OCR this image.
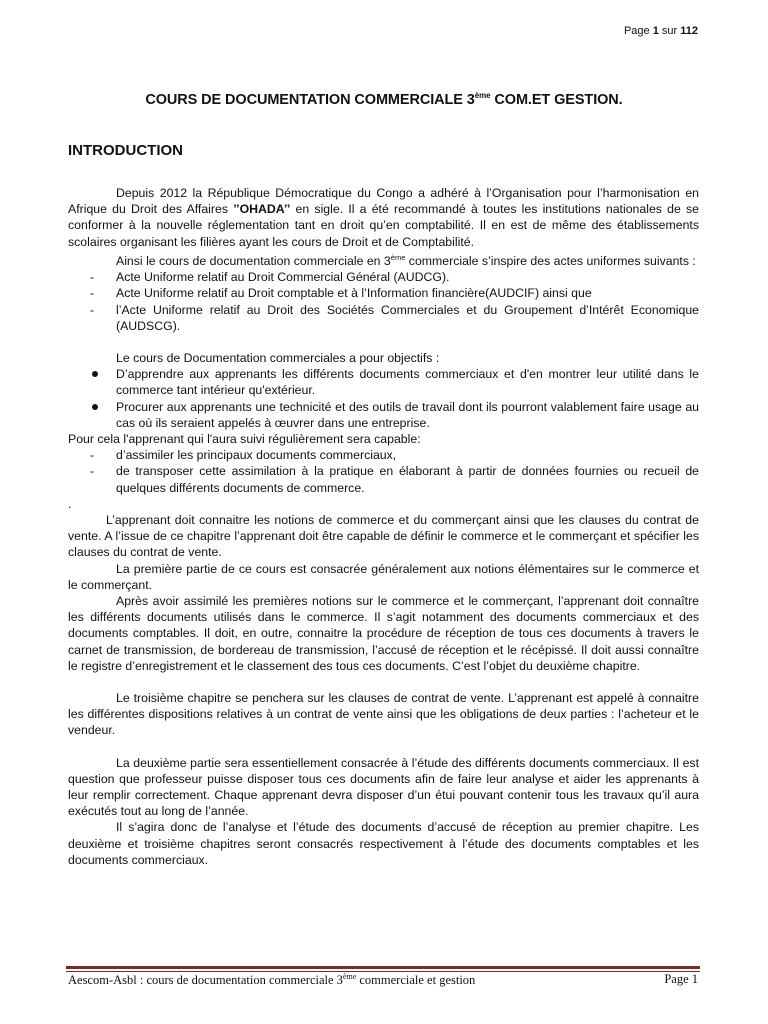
Page 1 sur 112
COURS DE DOCUMENTATION COMMERCIALE 3ème COM.ET GESTION.
INTRODUCTION

Depuis 2012 la République Démocratique du Congo a adhéré à l’Organisation pour l’harmonisation en Afrique du Droit des Affaires ’’OHADA’’ en sigle. Il a été recommandé à toutes les institutions nationales de se conformer à la nouvelle réglementation tant en droit qu’en comptabilité. Il en est de même des établissements scolaires organisant les filières ayant les cours de Droit et de Comptabilité.

Ainsi le cours de documentation commerciale en 3ème commerciale s’inspire des actes uniformes suivants :

- Acte Uniforme relatif au Droit Commercial Général (AUDCG).

- Acte Uniforme relatif au Droit comptable et à l’Information financière(AUDCIF) ainsi que

- l’Acte Uniforme relatif au Droit des Sociétés Commerciales et du Groupement d’Intérêt Economique (AUDSCG).

Le cours de Documentation commerciales a pour objectifs :

D’apprendre aux apprenants les différents documents commerciaux et d'en montrer leur utilité dans le commerce tant intérieur qu'extérieur.

Procurer aux apprenants une technicité et des outils de travail dont ils pourront valablement faire usage au cas où ils seraient appelés à œuvrer dans une entreprise.

Pour cela l'apprenant qui l'aura suivi régulièrement sera capable:

- d’assimiler les principaux documents commerciaux,

- de transposer cette assimilation à la pratique en élaborant à partir de données fournies ou recueil de quelques différents documents de commerce.

.

L’apprenant doit connaitre les notions de commerce et du commerçant ainsi que les clauses du contrat de vente. A l’issue de ce chapitre l’apprenant doit être capable de définir le commerce et le commerçant et spécifier les clauses du contrat de vente.

La première partie de ce cours est consacrée généralement aux notions élémentaires sur le commerce et le commerçant.

Après avoir assimilé les premières notions sur le commerce et le commerçant, l’apprenant doit connaître les différents documents utilisés dans le commerce. Il s’agit notamment des documents commerciaux et des documents comptables. Il doit, en outre, connaitre la procédure de réception de tous ces documents à travers le carnet de transmission, de bordereau de transmission, l’accusé de réception et le récépissé. Il doit aussi connaître le registre d’enregistrement et le classement des tous ces documents. C’est l’objet du deuxième chapitre.

Le troisième chapitre se penchera sur les clauses de contrat de vente. L’apprenant est appelé à connaitre les différentes dispositions relatives à un contrat de vente ainsi que les obligations de deux parties : l’acheteur et le vendeur.

La deuxième partie sera essentiellement consacrée à l’étude des différents documents commerciaux. Il est question que professeur puisse disposer tous ces documents afin de faire leur analyse et aider les apprenants à leur remplir correctement. Chaque apprenant devra disposer d’un étui pouvant contenir tous les travaux qu’il aura exécutés tout au long de l’année.

Il s’agira donc de l’analyse et l’étude des documents d’accusé de réception au premier chapitre. Les deuxième et troisième chapitres seront consacrés respectivement à l’étude des documents comptables et les documents commerciaux.

Aescom-Asbl : cours de documentation commerciale 3ème commerciale et gestion	Page 1
